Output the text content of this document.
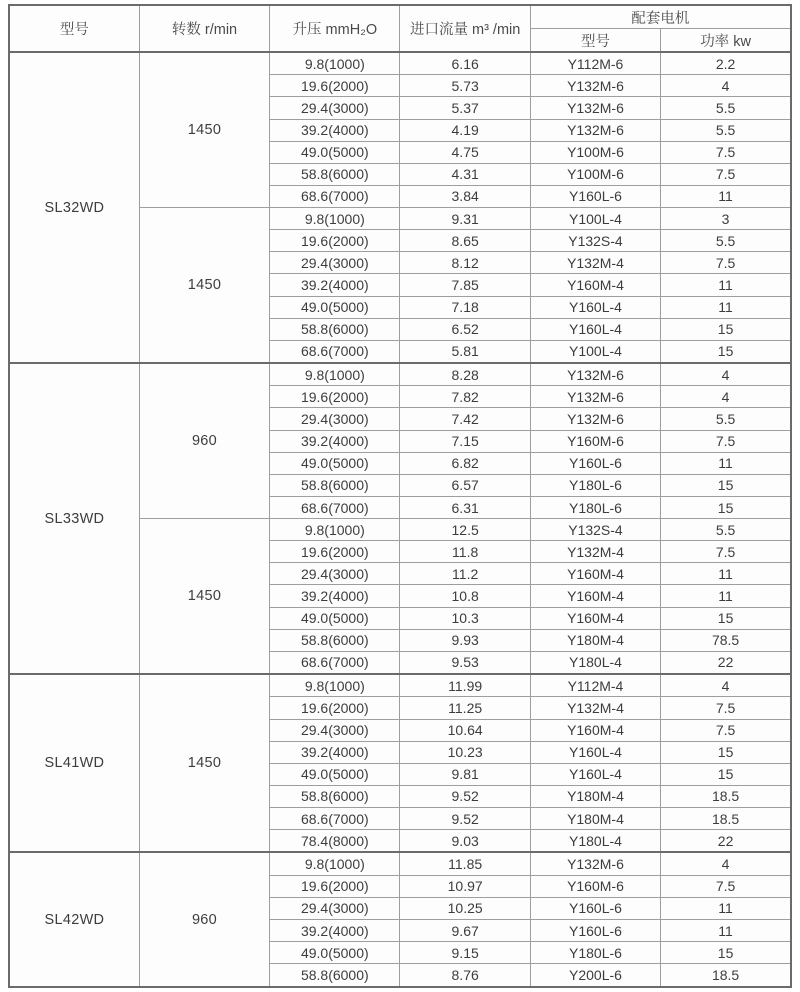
型号	转数 r/min	升压 mmH₂O	进口流量 m³ /min	配套电机	
				型号	功率 kw
SL32WD	1450	9.8(1000)	6.16	Y112M-6	2.2
		19.6(2000)	5.73	Y132M-6	4
		29.4(3000)	5.37	Y132M-6	5.5
		39.2(4000)	4.19	Y132M-6	5.5
		49.0(5000)	4.75	Y100M-6	7.5
		58.8(6000)	4.31	Y100M-6	7.5
		68.6(7000)	3.84	Y160L-6	11
	1450	9.8(1000)	9.31	Y100L-4	3
		19.6(2000)	8.65	Y132S-4	5.5
		29.4(3000)	8.12	Y132M-4	7.5
		39.2(4000)	7.85	Y160M-4	11
		49.0(5000)	7.18	Y160L-4	11
		58.8(6000)	6.52	Y160L-4	15
		68.6(7000)	5.81	Y100L-4	15
SL33WD	960	9.8(1000)	8.28	Y132M-6	4
		19.6(2000)	7.82	Y132M-6	4
		29.4(3000)	7.42	Y132M-6	5.5
		39.2(4000)	7.15	Y160M-6	7.5
		49.0(5000)	6.82	Y160L-6	11
		58.8(6000)	6.57	Y180L-6	15
		68.6(7000)	6.31	Y180L-6	15
	1450	9.8(1000)	12.5	Y132S-4	5.5
		19.6(2000)	11.8	Y132M-4	7.5
		29.4(3000)	11.2	Y160M-4	11
		39.2(4000)	10.8	Y160M-4	11
		49.0(5000)	10.3	Y160M-4	15
		58.8(6000)	9.93	Y180M-4	78.5
		68.6(7000)	9.53	Y180L-4	22
SL41WD	1450	9.8(1000)	11.99	Y112M-4	4
		19.6(2000)	11.25	Y132M-4	7.5
		29.4(3000)	10.64	Y160M-4	7.5
		39.2(4000)	10.23	Y160L-4	15
		49.0(5000)	9.81	Y160L-4	15
		58.8(6000)	9.52	Y180M-4	18.5
		68.6(7000)	9.52	Y180M-4	18.5
		78.4(8000)	9.03	Y180L-4	22
SL42WD	960	9.8(1000)	11.85	Y132M-6	4
		19.6(2000)	10.97	Y160M-6	7.5
		29.4(3000)	10.25	Y160L-6	11
		39.2(4000)	9.67	Y160L-6	11
		49.0(5000)	9.15	Y180L-6	15
		58.8(6000)	8.76	Y200L-6	18.5
